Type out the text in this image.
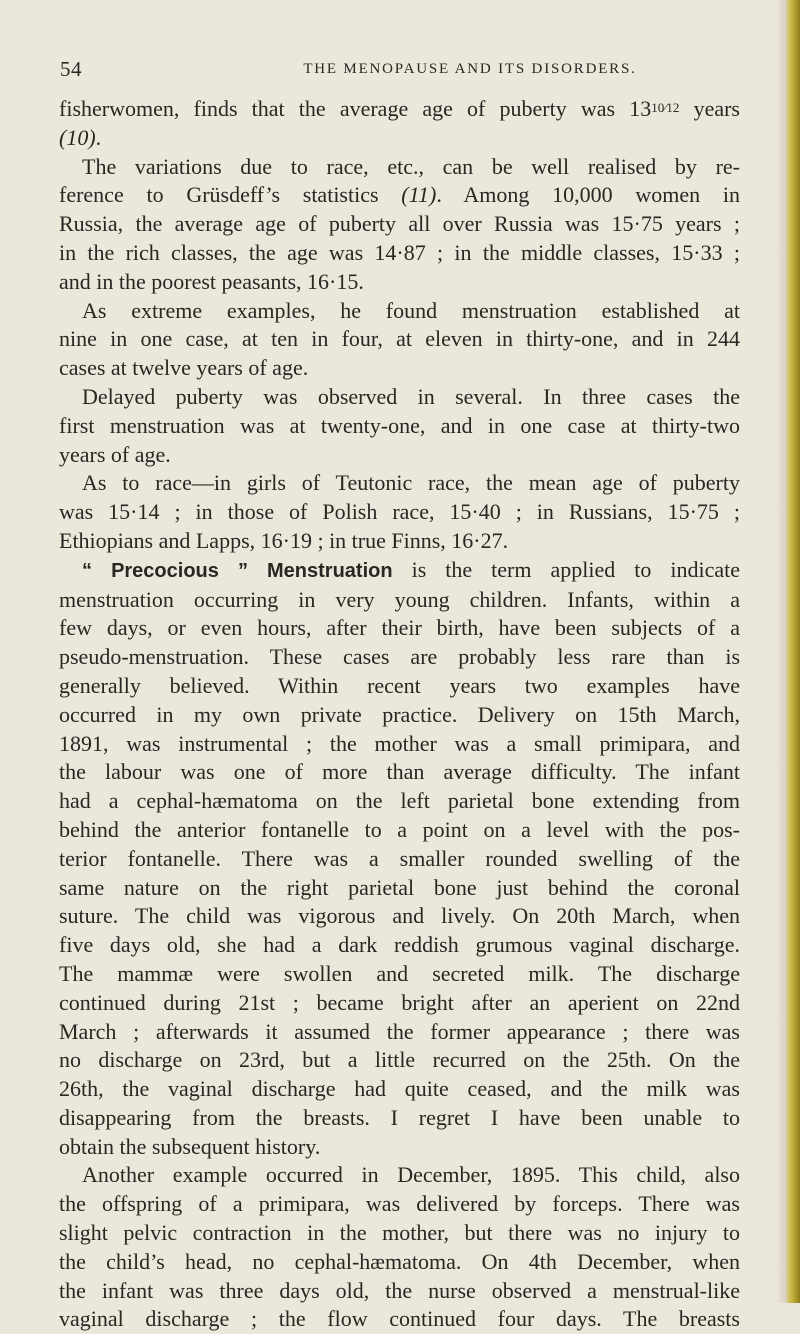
54	THE MENOPAUSE AND ITS DISORDERS.

fisherwomen, finds that the average age of puberty was 1310⁄12 years
(10).

The variations due to race, etc., can be well realised by re-
ference to Grüsdeff’s statistics (11). Among 10,000 women in
Russia, the average age of puberty all over Russia was 15·75 years ;
in the rich classes, the age was 14·87 ; in the middle classes, 15·33 ;
and in the poorest peasants, 16·15.

As extreme examples, he found menstruation established at
nine in one case, at ten in four, at eleven in thirty-one, and in 244
cases at twelve years of age.

Delayed puberty was observed in several. In three cases the
first menstruation was at twenty-one, and in one case at thirty-two
years of age.

As to race—in girls of Teutonic race, the mean age of puberty
was 15·14 ; in those of Polish race, 15·40 ; in Russians, 15·75 ;
Ethiopians and Lapps, 16·19 ; in true Finns, 16·27.

“ Precocious ” Menstruation is the term applied to indicate
menstruation occurring in very young children. Infants, within a
few days, or even hours, after their birth, have been subjects of a
pseudo-menstruation. These cases are probably less rare than is
generally believed. Within recent years two examples have
occurred in my own private practice. Delivery on 15th March,
1891, was instrumental ; the mother was a small primipara, and
the labour was one of more than average difficulty. The infant
had a cephal-hæmatoma on the left parietal bone extending from
behind the anterior fontanelle to a point on a level with the pos-
terior fontanelle. There was a smaller rounded swelling of the
same nature on the right parietal bone just behind the coronal
suture. The child was vigorous and lively. On 20th March, when
five days old, she had a dark reddish grumous vaginal discharge.
The mammæ were swollen and secreted milk. The discharge
continued during 21st ; became bright after an aperient on 22nd
March ; afterwards it assumed the former appearance ; there was
no discharge on 23rd, but a little recurred on the 25th. On the
26th, the vaginal discharge had quite ceased, and the milk was
disappearing from the breasts. I regret I have been unable to
obtain the subsequent history.

Another example occurred in December, 1895. This child, also
the offspring of a primipara, was delivered by forceps. There was
slight pelvic contraction in the mother, but there was no injury to
the child’s head, no cephal-hæmatoma. On 4th December, when
the infant was three days old, the nurse observed a menstrual-like
vaginal discharge ; the flow continued four days. The breasts
